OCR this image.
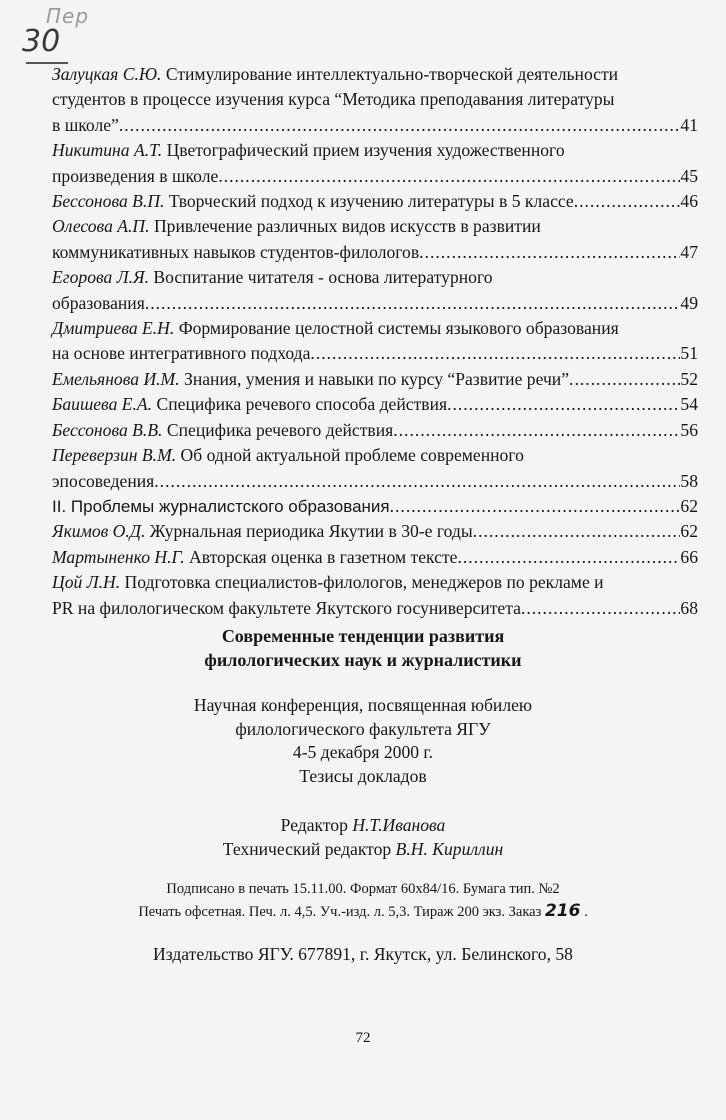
Пер
30
Залуцкая С.Ю. Стимулирование интеллектуально-творческой деятельности
студентов в процессе изучения курса “Методика преподавания литературы
в школе” .....	41
Никитина А.Т. Цветографический прием изучения художественного
произведения в школе .....	45
Бессонова В.П. Творческий подход к изучению литературы в 5 классе .....	46
Олесова А.П. Привлечение различных видов искусств в развитии
коммуникативных навыков студентов-филологов .....	47
Егорова Л.Я. Воспитание читателя - основа литературного
образования .....	49
Дмитриева Е.Н. Формирование целостной системы языкового образования
на основе интегративного подхода .....	51
Емельянова И.М. Знания, умения и навыки по курсу “Развитие речи” .....	52
Баишева Е.А. Специфика речевого способа действия .....	54
Бессонова В.В. Специфика речевого действия .....	56
Переверзин В.М. Об одной актуальной проблеме современного
эпосоведения .....	58
II. Проблемы журналистского образования .....	62
Якимов О.Д. Журнальная периодика Якутии в 30-е годы .....	62
Мартыненко Н.Г. Авторская оценка в газетном тексте .....	66
Цой Л.Н. Подготовка специалистов-филологов, менеджеров по рекламе и
PR на филологическом факультете Якутского госуниверситета .....	68
Современные тенденции развития
филологических наук и журналистики
Научная конференция, посвященная юбилею
филологического факультета ЯГУ
4-5 декабря 2000 г.
Тезисы докладов
Редактор Н.Т.Иванова
Технический редактор В.Н. Кириллин
Подписано в печать 15.11.00. Формат 60х84/16. Бумага тип. №2
Печать офсетная. Печ. л. 4,5. Уч.-изд. л. 5,3. Тираж 200 экз. Заказ 216 .
Издательство ЯГУ. 677891, г. Якутск, ул. Белинского, 58
72
